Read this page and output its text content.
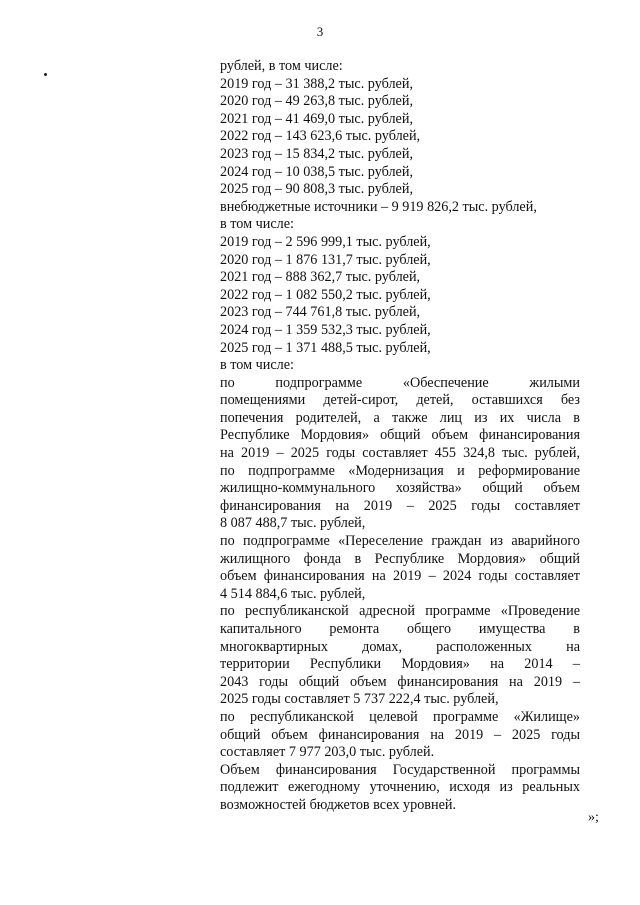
3
рублей, в том числе:
2019 год – 31 388,2 тыс. рублей,
2020 год – 49 263,8 тыс. рублей,
2021 год – 41 469,0 тыс. рублей,
2022 год – 143 623,6 тыс. рублей,
2023 год – 15 834,2 тыс. рублей,
2024 год – 10 038,5 тыс. рублей,
2025 год – 90 808,3 тыс. рублей,
внебюджетные источники – 9 919 826,2 тыс. рублей,
в том числе:
2019 год – 2 596 999,1 тыс. рублей,
2020 год – 1 876 131,7 тыс. рублей,
2021 год – 888 362,7 тыс. рублей,
2022 год – 1 082 550,2 тыс. рублей,
2023 год – 744 761,8 тыс. рублей,
2024 год – 1 359 532,3 тыс. рублей,
2025 год – 1 371 488,5 тыс. рублей,
в том числе:
по подпрограмме «Обеспечение жилыми
помещениями детей-сирот, детей, оставшихся без
попечения родителей, а также лиц из их числа в
Республике Мордовия» общий объем финансирования
на 2019 – 2025 годы составляет 455 324,8 тыс. рублей,
по подпрограмме «Модернизация и реформирование
жилищно-коммунального хозяйства» общий объем
финансирования на 2019 – 2025 годы составляет
8 087 488,7 тыс. рублей,
по подпрограмме «Переселение граждан из аварийного
жилищного фонда в Республике Мордовия» общий
объем финансирования на 2019 – 2024 годы составляет
4 514 884,6 тыс. рублей,
по республиканской адресной программе «Проведение
капитального ремонта общего имущества в
многоквартирных домах, расположенных на
территории Республики Мордовия» на 2014 –
2043 годы общий объем финансирования на 2019 –
2025 годы составляет 5 737 222,4 тыс. рублей,
по республиканской целевой программе «Жилище»
общий объем финансирования на 2019 – 2025 годы
составляет 7 977 203,0 тыс. рублей.
Объем финансирования Государственной программы
подлежит ежегодному уточнению, исходя из реальных
возможностей бюджетов всех уровней.
»;
